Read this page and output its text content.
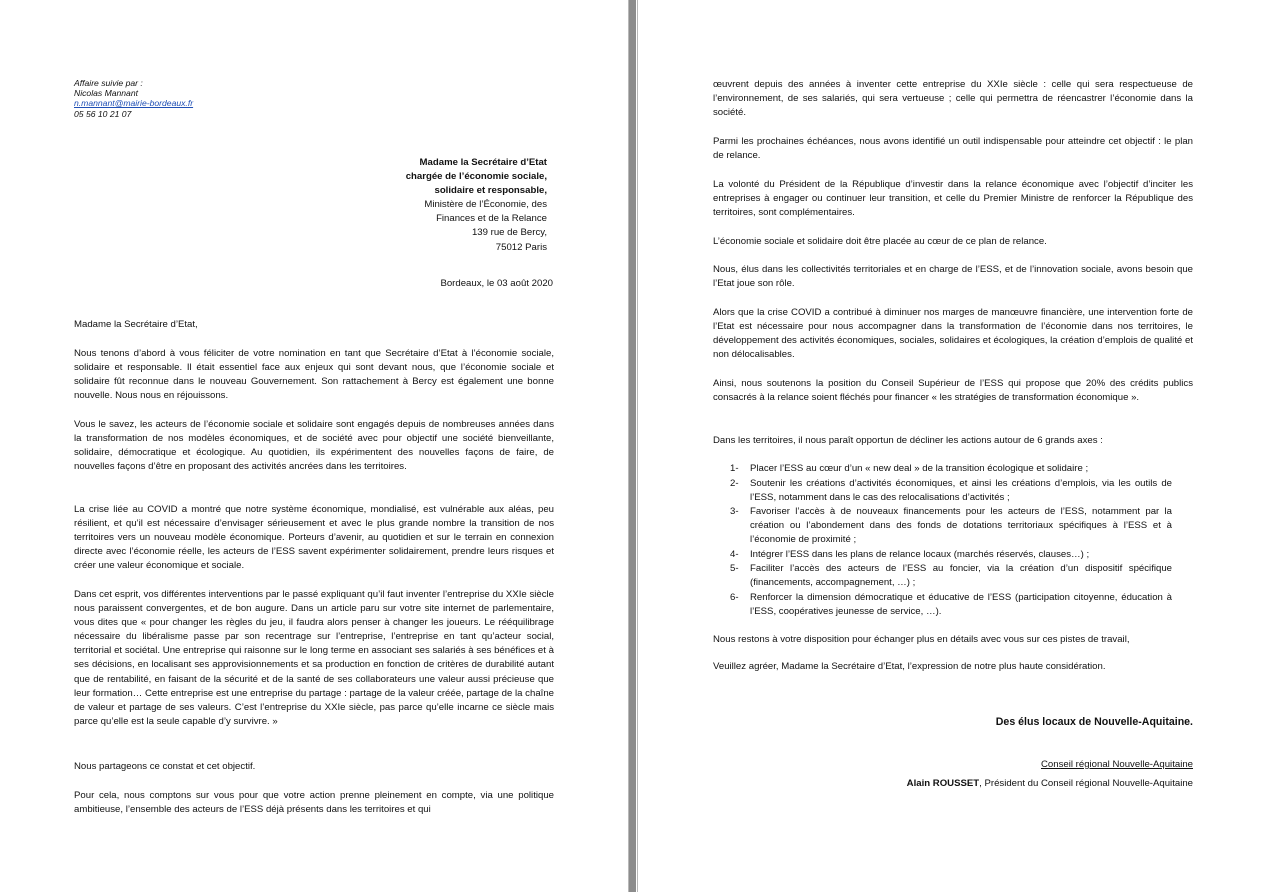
Affaire suivie par :
Nicolas Mannant
n.mannant@mairie-bordeaux.fr
05 56 10 21 07
Madame la Secrétaire d’Etat
chargée de l’économie sociale,
solidaire et responsable,
Ministère de l’Économie, des
Finances et de la Relance
139 rue de Bercy,
75012 Paris
Bordeaux, le 03 août 2020

Madame la Secrétaire d’Etat,

Nous tenons d’abord à vous féliciter de votre nomination en tant que Secrétaire d’Etat à l’économie sociale, solidaire et responsable. Il était essentiel face aux enjeux qui sont devant nous, que l’économie sociale et solidaire fût reconnue dans le nouveau Gouvernement. Son rattachement à Bercy est également une bonne nouvelle. Nous nous en réjouissons.

Vous le savez, les acteurs de l’économie sociale et solidaire sont engagés depuis de nombreuses années dans la transformation de nos modèles économiques, et de société avec pour objectif une société bienveillante, solidaire, démocratique et écologique. Au quotidien, ils expérimentent des nouvelles façons de faire, de nouvelles façons d’être en proposant des activités ancrées dans les territoires.

La crise liée au COVID a montré que notre système économique, mondialisé, est vulnérable aux aléas, peu résilient, et qu’il est nécessaire d’envisager sérieusement et avec le plus grande nombre la transition de nos territoires vers un nouveau modèle économique. Porteurs d’avenir, au quotidien et sur le terrain en connexion directe avec l’économie réelle, les acteurs de l’ESS savent expérimenter solidairement, prendre leurs risques et créer une valeur économique et sociale.

Dans cet esprit, vos différentes interventions par le passé expliquant qu’il faut inventer l’entreprise du XXIe siècle nous paraissent convergentes, et de bon augure. Dans un article paru sur votre site internet de parlementaire, vous dites que « pour changer les règles du jeu, il faudra alors penser à changer les joueurs. Le rééquilibrage nécessaire du libéralisme passe par son recentrage sur l’entreprise, l’entreprise en tant qu’acteur social, territorial et sociétal. Une entreprise qui raisonne sur le long terme en associant ses salariés à ses bénéfices et à ses décisions, en localisant ses approvisionnements et sa production en fonction de critères de durabilité autant que de rentabilité, en faisant de la sécurité et de la santé de ses collaborateurs une valeur aussi précieuse que leur formation… Cette entreprise est une entreprise du partage : partage de la valeur créée, partage de la chaîne de valeur et partage de ses valeurs. C’est l’entreprise du XXIe siècle, pas parce qu’elle incarne ce siècle mais parce qu’elle est la seule capable d’y survivre. »

Nous partageons ce constat et cet objectif.

Pour cela, nous comptons sur vous pour que votre action prenne pleinement en compte, via une politique ambitieuse, l’ensemble des acteurs de l’ESS déjà présents dans les territoires et qui

œuvrent depuis des années à inventer cette entreprise du XXIe siècle : celle qui sera respectueuse de l’environnement, de ses salariés, qui sera vertueuse ; celle qui permettra de réencastrer l’économie dans la société.

Parmi les prochaines échéances, nous avons identifié un outil indispensable pour atteindre cet objectif : le plan de relance.

La volonté du Président de la République d’investir dans la relance économique avec l’objectif d’inciter les entreprises à engager ou continuer leur transition, et celle du Premier Ministre de renforcer la République des territoires, sont complémentaires.

L’économie sociale et solidaire doit être placée au cœur de ce plan de relance.

Nous, élus dans les collectivités territoriales et en charge de l’ESS, et de l’innovation sociale, avons besoin que l’Etat joue son rôle.

Alors que la crise COVID a contribué à diminuer nos marges de manœuvre financière, une intervention forte de l’Etat est nécessaire pour nous accompagner dans la transformation de l’économie dans nos territoires, le développement des activités économiques, sociales, solidaires et écologiques, la création d’emplois de qualité et non délocalisables.

Ainsi, nous soutenons la position du Conseil Supérieur de l’ESS qui propose que 20% des crédits publics consacrés à la relance soient fléchés pour financer « les stratégies de transformation économique ».

Dans les territoires, il nous paraît opportun de décliner les actions autour de 6 grands axes :

1- Placer l’ESS au cœur d’un « new deal » de la transition écologique et solidaire ;
2- Soutenir les créations d’activités économiques, et ainsi les créations d’emplois, via les outils de l’ESS, notamment dans le cas des relocalisations d’activités ;
3- Favoriser l’accès à de nouveaux financements pour les acteurs de l’ESS, notamment par la création ou l’abondement dans des fonds de dotations territoriaux spécifiques à l’ESS et à l’économie de proximité ;
4- Intégrer l’ESS dans les plans de relance locaux (marchés réservés, clauses…) ;
5- Faciliter l’accès des acteurs de l’ESS au foncier, via la création d’un dispositif spécifique (financements, accompagnement, …) ;
6- Renforcer la dimension démocratique et éducative de l’ESS (participation citoyenne, éducation à l’ESS, coopératives jeunesse de service, …).

Nous restons à votre disposition pour échanger plus en détails avec vous sur ces pistes de travail,

Veuillez agréer, Madame la Secrétaire d’Etat, l’expression de notre plus haute considération.

Des élus locaux de Nouvelle-Aquitaine.
Conseil régional Nouvelle-Aquitaine
Alain ROUSSET, Président du Conseil régional Nouvelle-Aquitaine
